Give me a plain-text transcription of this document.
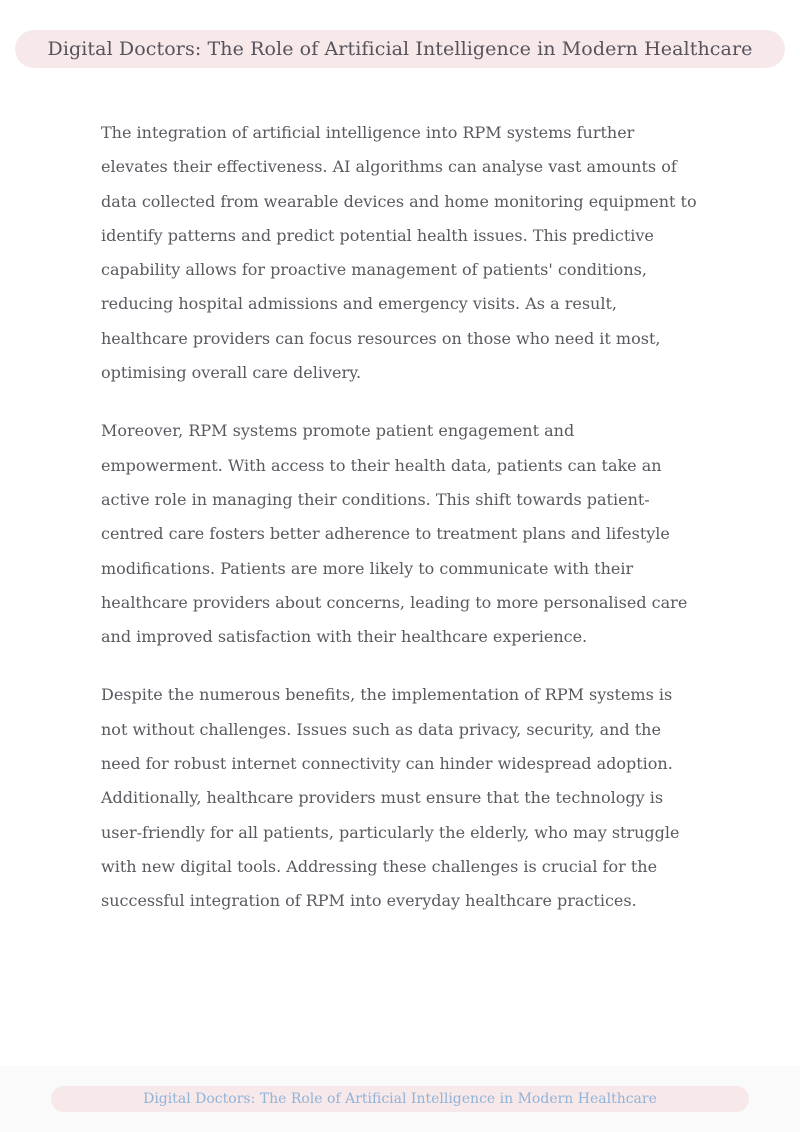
Digital Doctors: The Role of Artificial Intelligence in Modern Healthcare

The integration of artificial intelligence into RPM systems further elevates their effectiveness. AI algorithms can analyse vast amounts of data collected from wearable devices and home monitoring equipment to identify patterns and predict potential health issues. This predictive capability allows for proactive management of patients' conditions, reducing hospital admissions and emergency visits. As a result, healthcare providers can focus resources on those who need it most, optimising overall care delivery.

Moreover, RPM systems promote patient engagement and empowerment. With access to their health data, patients can take an active role in managing their conditions. This shift towards patient-centred care fosters better adherence to treatment plans and lifestyle modifications. Patients are more likely to communicate with their healthcare providers about concerns, leading to more personalised care and improved satisfaction with their healthcare experience.

Despite the numerous benefits, the implementation of RPM systems is not without challenges. Issues such as data privacy, security, and the need for robust internet connectivity can hinder widespread adoption. Additionally, healthcare providers must ensure that the technology is user-friendly for all patients, particularly the elderly, who may struggle with new digital tools. Addressing these challenges is crucial for the successful integration of RPM into everyday healthcare practices.

Digital Doctors: The Role of Artificial Intelligence in Modern Healthcare
